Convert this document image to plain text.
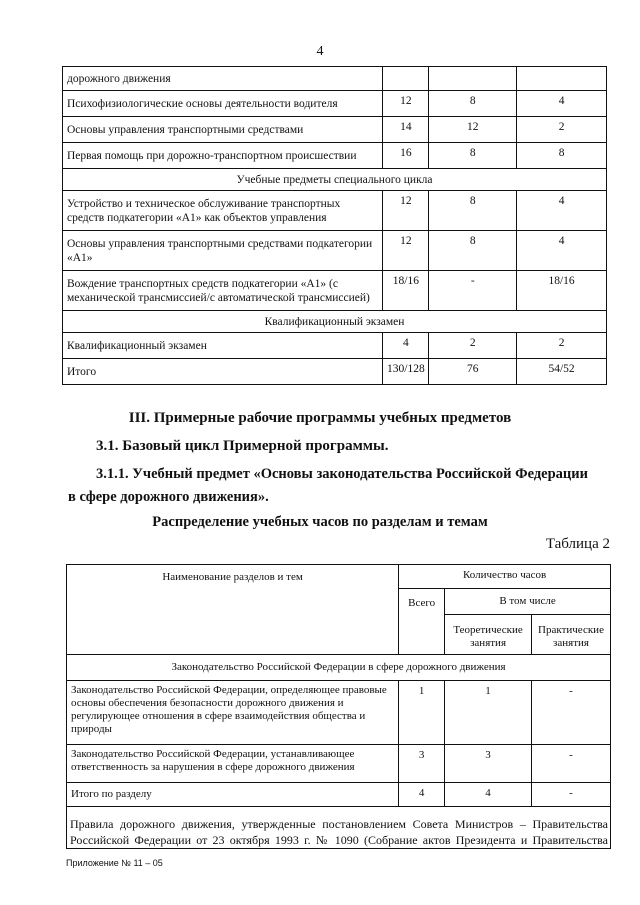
4
дорожного движения			
Психофизиологические основы деятельности водителя	12	8	4
Основы управления транспортными средствами	14	12	2
Первая помощь при дорожно-транспортном происшествии	16	8	8
Учебные предметы специального цикла			
Устройство и техническое обслуживание транспортных средств подкатегории «А1» как объектов управления	12	8	4
Основы управления транспортными средствами подкатегории «А1»	12	8	4
Вождение транспортных средств подкатегории «А1» (с механической трансмиссией/с автоматической трансмиссией)	18/16	-	18/16
Квалификационный экзамен			
Квалификационный экзамен	4	2	2
Итого	130/128	76	54/52
III. Примерные рабочие программы учебных предметов
3.1. Базовый цикл Примерной программы.
3.1.1. Учебный предмет «Основы законодательства Российской Федерации
в сфере дорожного движения».
Распределение учебных часов по разделам и темам
Таблица 2
Наименование разделов и тем	Количество часов		
	Всего	В том числе	
		Теоретические занятия	Практические занятия
Законодательство Российской Федерации в сфере дорожного движения			
Законодательство Российской Федерации, определяющее правовые основы обеспечения безопасности дорожного движения и регулирующее отношения в сфере взаимодействия общества и природы	1	1	-
Законодательство Российской Федерации, устанавливающее ответственность за нарушения в сфере дорожного движения	3	3	-
Итого по разделу	4	4	-

Правила дорожного движения, утвержденные постановлением Совета Министров – Правительства Российской Федерации от 23 октября 1993 г. № 1090 (Собрание актов Президента и Правительства
Приложение № 11 – 05
